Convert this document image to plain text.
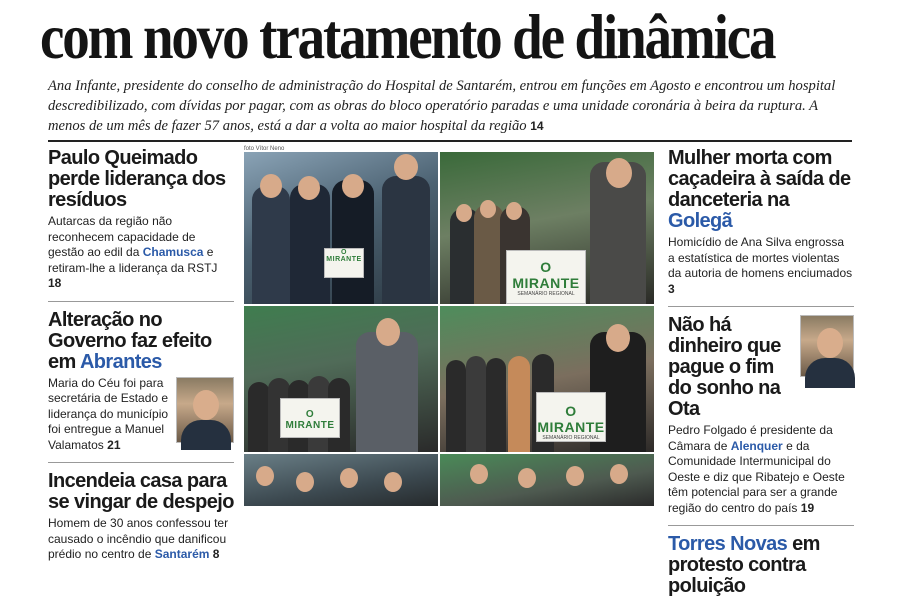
com novo tratamento de dinâmica

Ana Infante, presidente do conselho de administração do Hospital de Santarém, entrou em funções em Agosto e encontrou um hospital descredibilizado, com dívidas por pagar, com as obras do bloco operatório paradas e uma unidade coronária à beira da ruptura. A menos de um mês de fazer 57 anos, está a dar a volta ao maior hospital da região 14

Paulo Queimado perde liderança dos resíduos

Autarcas da região não reconhecem capacidade de gestão ao edil da Chamusca e retiram-lhe a liderança da RSTJ 18

Alteração no Governo faz efeito em Abrantes

Maria do Céu foi para secretária de Estado e liderança do município foi entregue a Manuel Valamatos 21

Incendeia casa para se vingar de despejo

Homem de 30 anos confessou ter causado o incêndio que danificou prédio no centro de Santarém 8

foto Vítor Neno
O MIRANTE	O MIRANTE
SEMANÁRIO REGIONAL
O MIRANTE
O MIRANTE
SEMANÁRIO REGIONAL
Mulher morta com caçadeira à saída de danceteria na Golegã

Homicídio de Ana Silva engrossa a estatística de mortes violentas da autoria de homens enciumados 3

Não há dinheiro que pague o fim do sonho na Ota

Pedro Folgado é presidente da Câmara de Alenquer e da Comunidade Intermunicipal do Oeste e diz que Ribatejo e Oeste têm potencial para ser a grande região do centro do país 19

Torres Novas em protesto contra poluição
